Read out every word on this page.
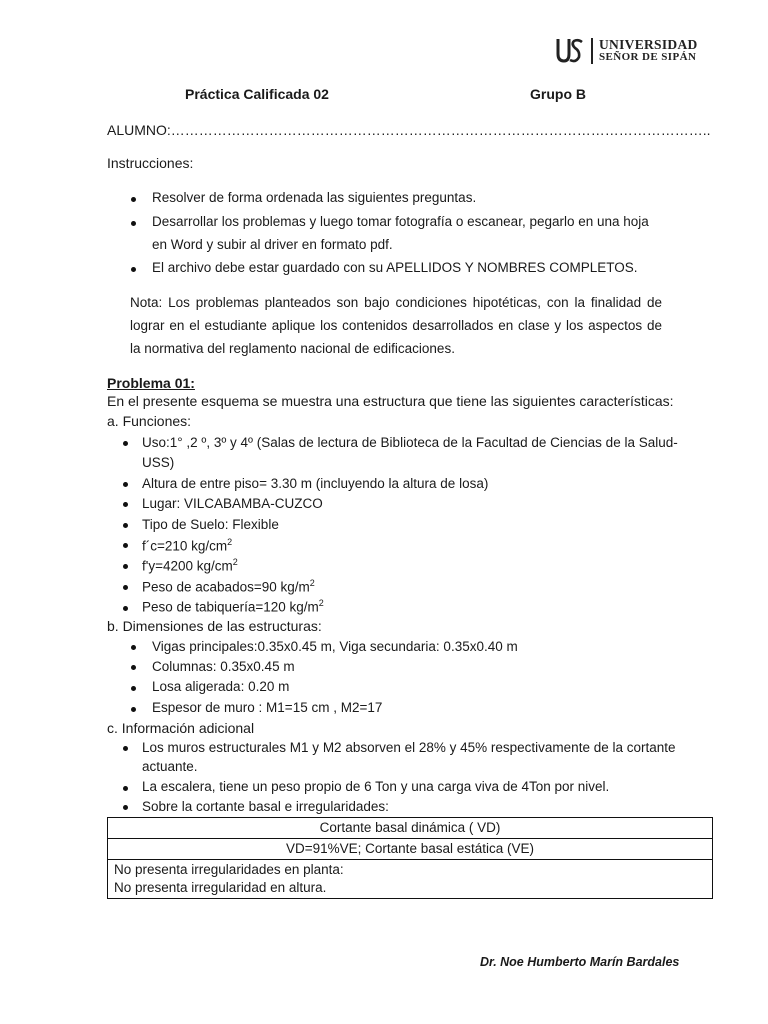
UNIVERSIDAD
SEÑOR DE SIPÁN
Práctica Calificada 02	Grupo B
ALUMNO:……………………………………………………………………………………………………..
Instrucciones:
Resolver de forma ordenada las siguientes preguntas.
Desarrollar los problemas y luego tomar fotografía o escanear, pegarlo en una hoja
en Word y subir al driver en formato pdf.
El archivo debe estar guardado con su APELLIDOS Y NOMBRES COMPLETOS.
Nota: Los problemas planteados son bajo condiciones hipotéticas, con la finalidad de lograr en el estudiante aplique los contenidos desarrollados en clase y los aspectos de la normativa del reglamento nacional de edificaciones.
Problema 01:
En el presente esquema se muestra una estructura que tiene las siguientes características:
a. Funciones:
Uso:1° ,2 º, 3º y 4º (Salas de lectura de Biblioteca de la Facultad de Ciencias de la Salud-
USS)
Altura de entre piso= 3.30 m (incluyendo la altura de losa)
Lugar: VILCABAMBA-CUZCO
Tipo de Suelo: Flexible
f´c=210 $kg/cm^2$
f'y=4200 $kg/cm^2$
Peso de acabados=90 $kg/m^2$
Peso de tabiquería=120 $kg/m^2$
b. Dimensiones de las estructuras:
Vigas principales:0.35x0.45 m, Viga secundaria: 0.35x0.40 m
Columnas: 0.35x0.45 m
Losa aligerada: 0.20 m
Espesor de muro : M1=15 cm , M2=17
c. Información adicional
Los muros estructurales M1 y M2 absorven el 28% y 45% respectivamente de la cortante
actuante.
La escalera, tiene un peso propio de 6 Ton y una carga viva de 4Ton por nivel.
Sobre la cortante basal e irregularidades:
Cortante basal dinámica ( VD)
VD=91%VE; Cortante basal estática (VE)

No presenta irregularidades en planta:
No presenta irregularidad en altura.
Dr. Noe Humberto Marín Bardales
